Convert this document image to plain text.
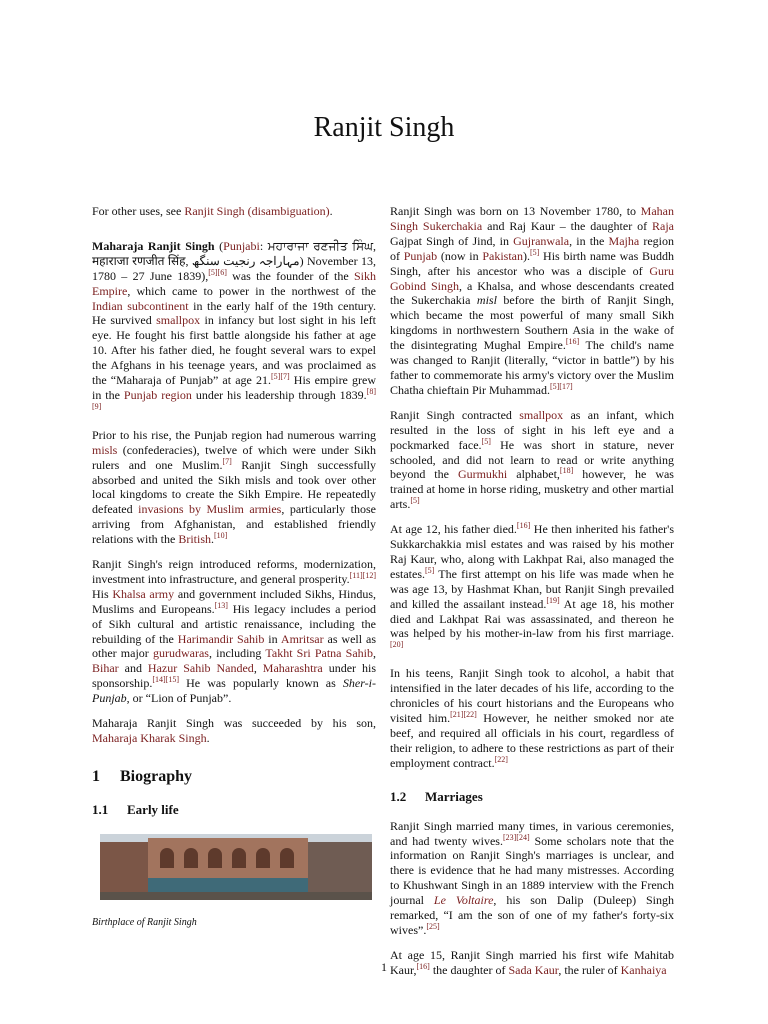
Ranjit Singh

For other uses, see Ranjit Singh (disambiguation).

Maharaja Ranjit Singh (Punjabi: ਮਹਾਰਾਜਾ ਰਣਜੀਤ ਸਿੰਘ, महाराजा रणजीत सिंह, مہاراجہ رنجیت سنگھ) November 13, 1780 – 27 June 1839),[5][6] was the founder of the Sikh Empire, which came to power in the northwest of the Indian subcontinent in the early half of the 19th century. He survived smallpox in infancy but lost sight in his left eye. He fought his first battle alongside his father at age 10. After his father died, he fought several wars to expel the Afghans in his teenage years, and was proclaimed as the “Maharaja of Punjab” at age 21.[5][7] His empire grew in the Punjab region under his leadership through 1839.[8][9]

Prior to his rise, the Punjab region had numerous warring misls (confederacies), twelve of which were under Sikh rulers and one Muslim.[7] Ranjit Singh successfully absorbed and united the Sikh misls and took over other local kingdoms to create the Sikh Empire. He repeatedly defeated invasions by Muslim armies, particularly those arriving from Afghanistan, and established friendly relations with the British.[10]

Ranjit Singh's reign introduced reforms, modernization, investment into infrastructure, and general prosperity.[11][12] His Khalsa army and government included Sikhs, Hindus, Muslims and Europeans.[13] His legacy includes a period of Sikh cultural and artistic renaissance, including the rebuilding of the Harimandir Sahib in Amritsar as well as other major gurudwaras, including Takht Sri Patna Sahib, Bihar and Hazur Sahib Nanded, Maharashtra under his sponsorship.[14][15] He was popularly known as Sher-i-Punjab, or “Lion of Punjab”.

Maharaja Ranjit Singh was succeeded by his son, Maharaja Kharak Singh.

1 Biography
1.1 Early life

Birthplace of Ranjit Singh

Ranjit Singh was born on 13 November 1780, to Mahan Singh Sukerchakia and Raj Kaur – the daughter of Raja Gajpat Singh of Jind, in Gujranwala, in the Majha region of Punjab (now in Pakistan).[5] His birth name was Buddh Singh, after his ancestor who was a disciple of Guru Gobind Singh, a Khalsa, and whose descendants created the Sukerchakia misl before the birth of Ranjit Singh, which became the most powerful of many small Sikh kingdoms in northwestern Southern Asia in the wake of the disintegrating Mughal Empire.[16] The child's name was changed to Ranjit (literally, “victor in battle”) by his father to commemorate his army's victory over the Muslim Chatha chieftain Pir Muhammad.[5][17]

Ranjit Singh contracted smallpox as an infant, which resulted in the loss of sight in his left eye and a pockmarked face.[5] He was short in stature, never schooled, and did not learn to read or write anything beyond the Gurmukhi alphabet,[18] however, he was trained at home in horse riding, musketry and other martial arts.[5]

At age 12, his father died.[16] He then inherited his father's Sukkarchakkia misl estates and was raised by his mother Raj Kaur, who, along with Lakhpat Rai, also managed the estates.[5] The first attempt on his life was made when he was age 13, by Hashmat Khan, but Ranjit Singh prevailed and killed the assailant instead.[19] At age 18, his mother died and Lakhpat Rai was assassinated, and thereon he was helped by his mother-in-law from his first marriage.[20]

In his teens, Ranjit Singh took to alcohol, a habit that intensified in the later decades of his life, according to the chronicles of his court historians and the Europeans who visited him.[21][22] However, he neither smoked nor ate beef, and required all officials in his court, regardless of their religion, to adhere to these restrictions as part of their employment contract.[22]

1.2 Marriages

Ranjit Singh married many times, in various ceremonies, and had twenty wives.[23][24] Some scholars note that the information on Ranjit Singh's marriages is unclear, and there is evidence that he had many mistresses. According to Khushwant Singh in an 1889 interview with the French journal Le Voltaire, his son Dalip (Duleep) Singh remarked, “I am the son of one of my father's forty-six wives”.[25]

At age 15, Ranjit Singh married his first wife Mahitab Kaur,[16] the daughter of Sada Kaur, the ruler of Kanhaiya

1
